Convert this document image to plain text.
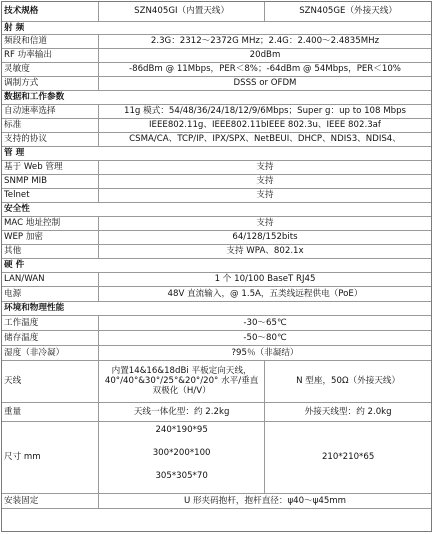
技术规格	SZN405GI（内置天线）	SZN405GE（外接天线）
射 频		
频段和信道	2.3G：2312～2372G MHz；2.4G：2.400～2.4835MHz	
RF 功率输出	20dBm	
灵敏度	-86dBm @ 11Mbps，PER＜8%；-64dBm @ 54Mbps，PER＜10%	
调制方式	DSSS or OFDM	
数据和工作参数		
自动速率选择	11g 模式：54/48/36/24/18/12/9/6Mbps；Super g：up to 108 Mbps	
标准	IEEE802.11g、IEEE802.11bIEEE 802.3u、IEEE 802.3af	
支持的协议	CSMA/CA、TCP/IP、IPX/SPX、NetBEUI、DHCP、NDIS3、NDIS4、	
管 理		
基于 Web 管理	支持	
SNMP MIB	支持	
Telnet	支持	
安全性		
MAC 地址控制	支持	
WEP 加密	64/128/152bits	
其他	支持 WPA、802.1x	
硬 件		
LAN/WAN	1 个 10/100 BaseT RJ45	
电源	48V 直流输入，@ 1.5A，五类线远程供电（PoE）	
环境和物理性能		
工作温度	-30～65℃	
储存温度	-50～80℃	
湿度（非冷凝）	?95％（非凝结）	
天线	内置14&16&18dBi 平板定向天线，40°/40°&30°/25°&20°/20° 水平/垂直双极化（H/V）	N 型座，50Ω（外接天线）
重量	天线一体化型：约 2.2kg	外接天线型：约 2.0kg
尺寸 mm	240*190*95
300*200*100
305*305*70	210*210*65
安装固定	U 形夹码抱杆，抱杆直径：ψ40～ψ45mm	
